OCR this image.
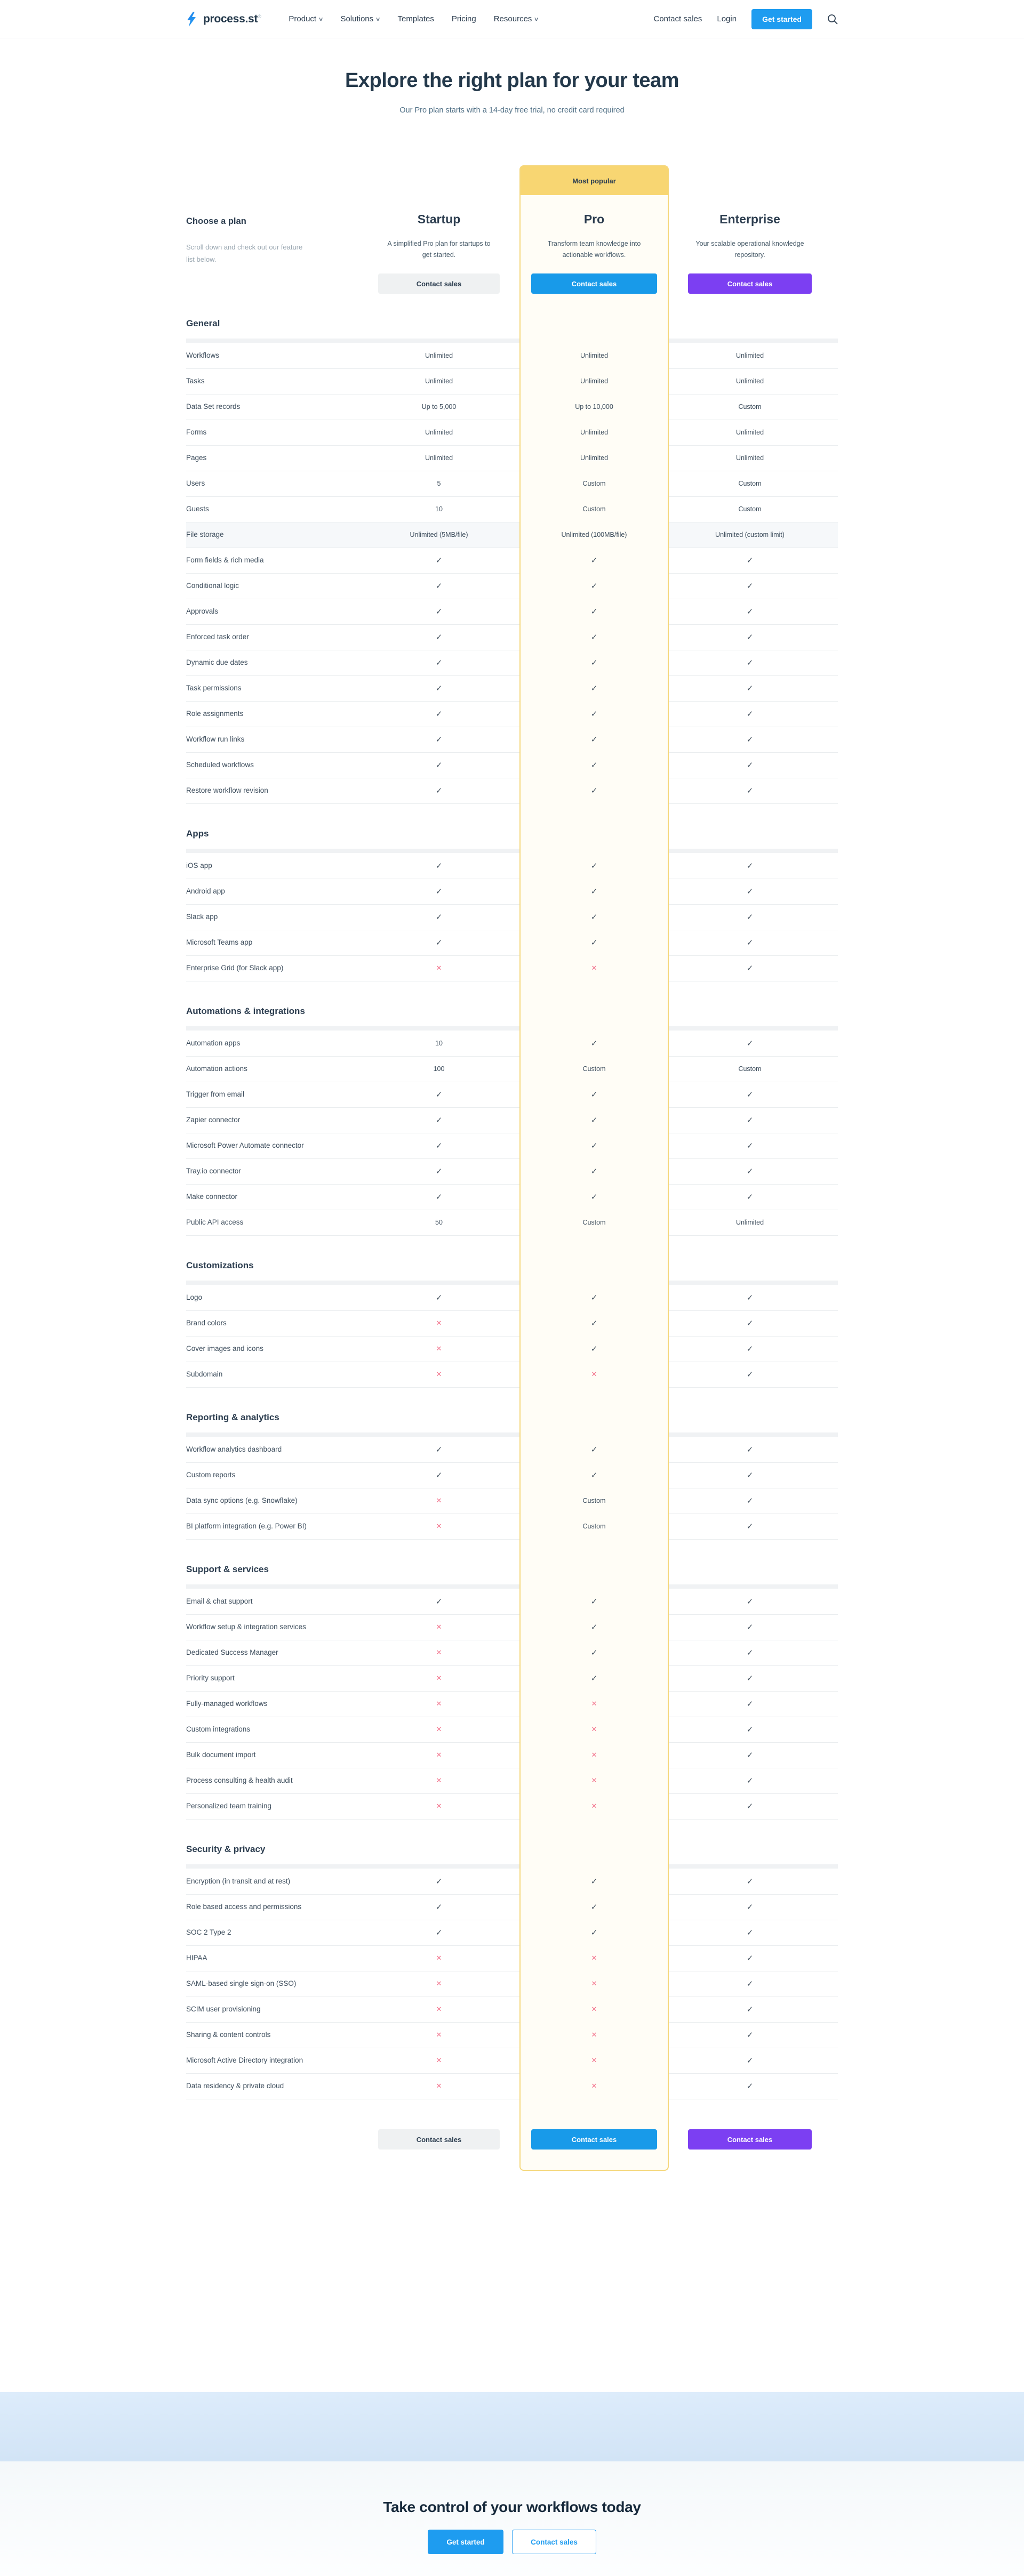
process.st®	Product ∨ Solutions ∨ Templates Pricing Resources ∨	Contact sales Login	Get started
Explore the right plan for your team

Our Pro plan starts with a 14-day free trial, no credit card required

Most popular
Choose a plan
Scroll down and check out our feature list below.
Startup
A simplified Pro plan for startups to get started.
Contact sales
Pro
Transform team knowledge into actionable workflows.
Contact sales
Enterprise
Your scalable operational knowledge repository.
Contact sales
General
Workflows	Unlimited	Unlimited	Unlimited
Tasks	Unlimited	Unlimited	Unlimited
Data Set records	Up to 5,000	Up to 10,000	Custom
Forms	Unlimited	Unlimited	Unlimited
Pages	Unlimited	Unlimited	Unlimited
Users	5	Custom	Custom
Guests	10	Custom	Custom
File storage	Unlimited (5MB/file)	Unlimited (100MB/file)	Unlimited (custom limit)
Form fields & rich media	✓	✓	✓
Conditional logic	✓	✓	✓
Approvals	✓	✓	✓
Enforced task order	✓	✓	✓
Dynamic due dates	✓	✓	✓
Task permissions	✓	✓	✓
Role assignments	✓	✓	✓
Workflow run links	✓	✓	✓
Scheduled workflows	✓	✓	✓
Restore workflow revision	✓	✓	✓
Apps
iOS app	✓	✓	✓
Android app	✓	✓	✓
Slack app	✓	✓	✓
Microsoft Teams app	✓	✓	✓
Enterprise Grid (for Slack app)	✕	✕	✓
Automations & integrations
Automation apps	10	✓	✓
Automation actions	100	Custom	Custom
Trigger from email	✓	✓	✓
Zapier connector	✓	✓	✓
Microsoft Power Automate connector	✓	✓	✓
Tray.io connector	✓	✓	✓
Make connector	✓	✓	✓
Public API access	50	Custom	Unlimited
Customizations
Logo	✓	✓	✓
Brand colors	✕	✓	✓
Cover images and icons	✕	✓	✓
Subdomain	✕	✕	✓
Reporting & analytics
Workflow analytics dashboard	✓	✓	✓
Custom reports	✓	✓	✓
Data sync options (e.g. Snowflake)	✕	Custom	✓
BI platform integration (e.g. Power BI)	✕	Custom	✓
Support & services
Email & chat support	✓	✓	✓
Workflow setup & integration services	✕	✓	✓
Dedicated Success Manager	✕	✓	✓
Priority support	✕	✓	✓
Fully-managed workflows	✕	✕	✓
Custom integrations	✕	✕	✓
Bulk document import	✕	✕	✓
Process consulting & health audit	✕	✕	✓
Personalized team training	✕	✕	✓
Security & privacy
Encryption (in transit and at rest)	✓	✓	✓
Role based access and permissions	✓	✓	✓
SOC 2 Type 2	✓	✓	✓
HIPAA	✕	✕	✓
SAML-based single sign-on (SSO)	✕	✕	✓
SCIM user provisioning	✕	✕	✓
Sharing & content controls	✕	✕	✓
Microsoft Active Directory integration	✕	✕	✓
Data residency & private cloud	✕	✕	✓
Contact sales	Contact sales	Contact sales
Take control of your workflows today
Get started	Contact sales
